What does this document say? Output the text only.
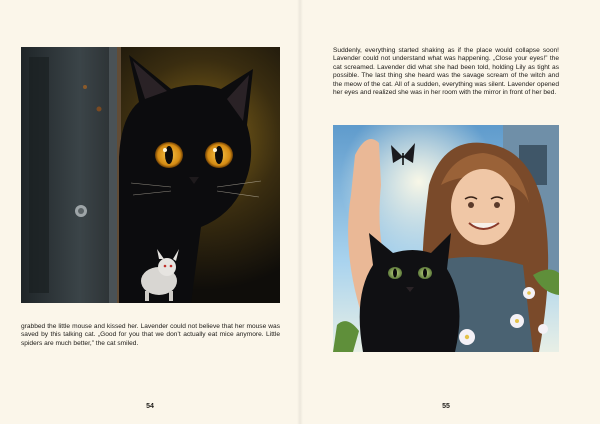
grabbed the little mouse and kissed her. Lavender could not believe that her mouse was saved by this talking cat. „Good for you that we don’t actually eat mice anymore. Little spiders are much better,” the cat smiled.

54

Suddenly, everything started shaking as if the place would collapse soon! Lavender could not understand what was happening. „Close your eyes!” the cat screamed. Lavender did what she had been told, holding Lily as tight as possible. The last thing she heard was the savage scream of the witch and the meow of the cat. All of a sudden, everything was silent. Lavender opened her eyes and realized she was in her room with the mirror in front of her bed.

55
